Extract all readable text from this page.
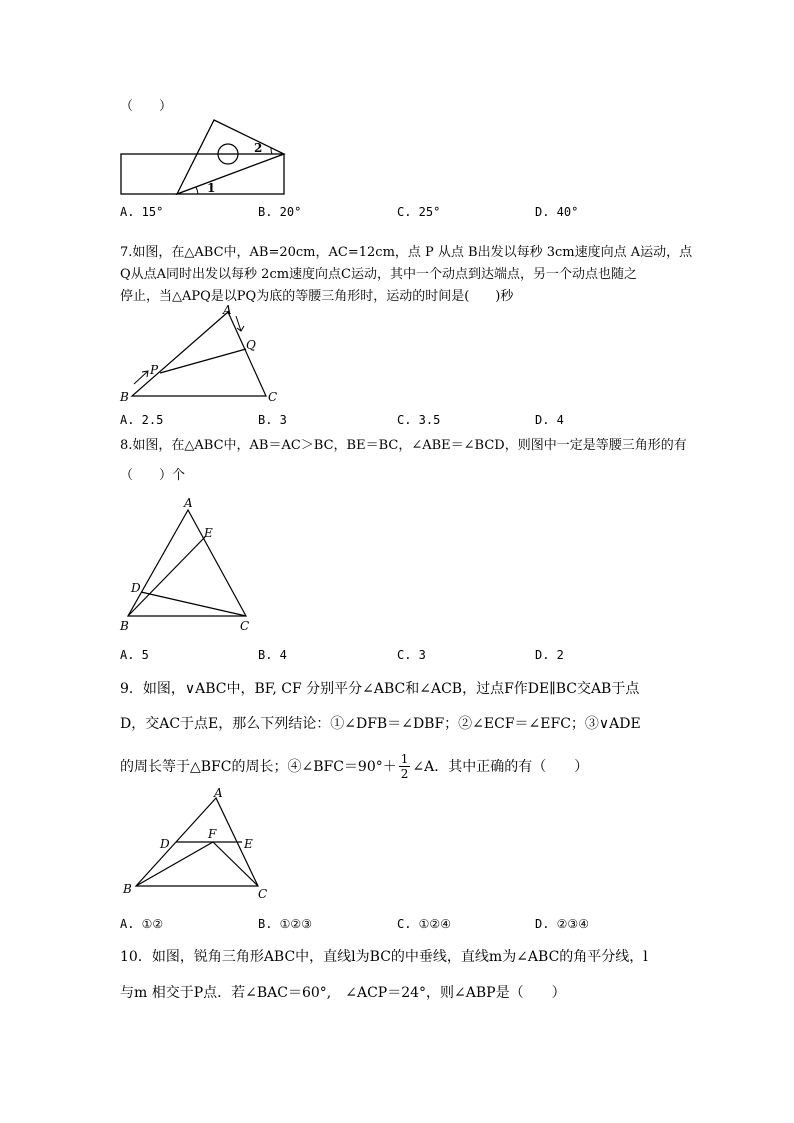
（　　）
2
1
A. 15°	B. 20°	C. 25°	D. 40°
7.如图，在△ABC中，AB=20cm，AC=12cm，点 P 从点 B出发以每秒 3cm速度向点 A运动，点
Q从点A同时出发以每秒 2cm速度向点C运动，其中一个动点到达端点，另一个动点也随之
停止，当△APQ是以PQ为底的等腰三角形时，运动的时间是(　　)秒
A
Q
P
B	C
A. 2.5	B. 3	C. 3.5	D. 4
8.如图，在△ABC中，AB＝AC＞BC，BE＝BC，∠ABE＝∠BCD，则图中一定是等腰三角形的有
（　　）个
A
E
D
B	C
A. 5	B. 4	C. 3	D. 2
9．如图，∨ABC中，BF, CF 分别平分∠ABC和∠ACB，过点F作DE∥BC交AB于点
D，交AC于点E，那么下列结论：①∠DFB＝∠DBF；②∠ECF＝∠EFC；③∨ADE
的周长等于△BFC的周长；④∠BFC＝90°＋ $\frac{1}{2}$ ∠A．其中正确的有（　　）
A
D
F
E
B	C
A. ①②	B. ①②③	C. ①②④	D. ②③④
10．如图，锐角三角形ABC中，直线l为BC的中垂线，直线m为∠ABC的角平分线，l
与m 相交于P点．若∠BAC＝60°,　∠ACP＝24°，则∠ABP是（　　）
